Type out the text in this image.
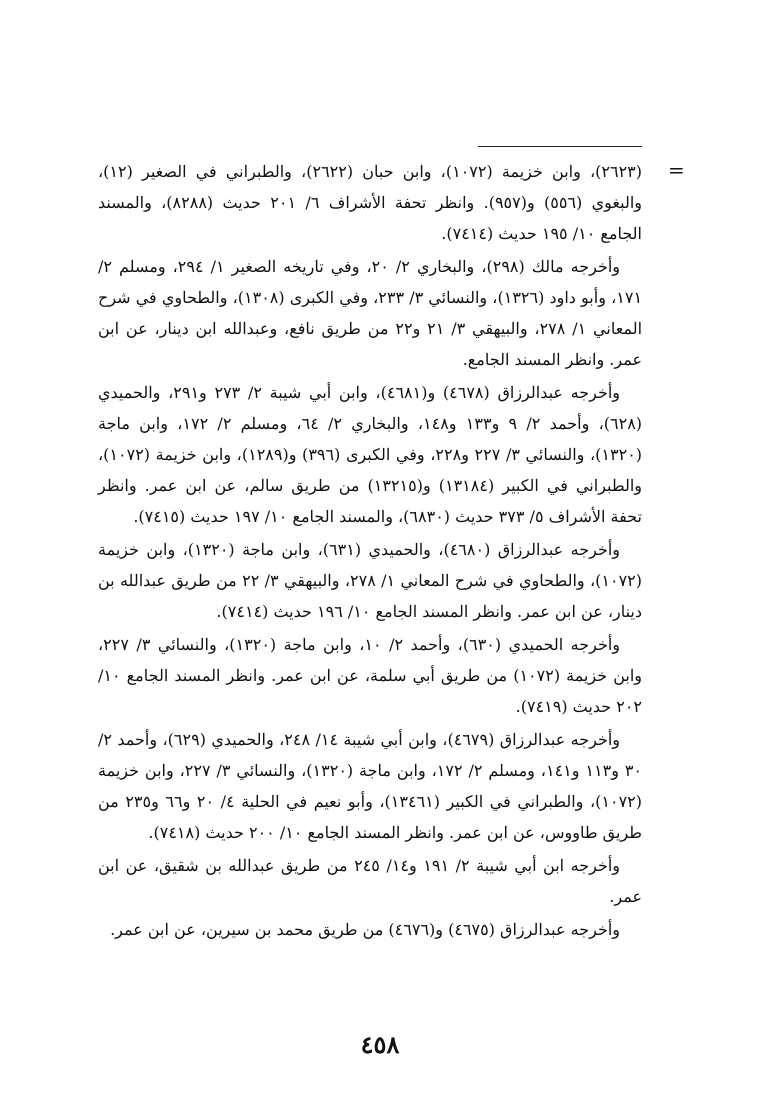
=

(٢٦٢٣)، وابن خزيمة (١٠٧٢)، وابن حبان (٢٦٢٢)، والطبراني في الصغير (١٢)، والبغوي (٥٥٦) و(٩٥٧). وانظر تحفة الأشراف ٦/ ٢٠١ حديث (٨٢٨٨)، والمسند الجامع ١٠/ ١٩٥ حديث (٧٤١٤).

وأخرجه مالك (٢٩٨)، والبخاري ٢/ ٢٠، وفي تاريخه الصغير ١/ ٢٩٤، ومسلم ٢/ ١٧١، وأبو داود (١٣٢٦)، والنسائي ٣/ ٢٣٣، وفي الكبرى (١٣٠٨)، والطحاوي في شرح المعاني ١/ ٢٧٨، والبيهقي ٣/ ٢١ و٢٢ من طريق نافع، وعبدالله ابن دينار، عن ابن عمر. وانظر المسند الجامع.

وأخرجه عبدالرزاق (٤٦٧٨) و(٤٦٨١)، وابن أبي شيبة ٢/ ٢٧٣ و٢٩١، والحميدي (٦٢٨)، وأحمد ٢/ ٩ و١٣٣ و١٤٨، والبخاري ٢/ ٦٤، ومسلم ٢/ ١٧٢، وابن ماجة (١٣٢٠)، والنسائي ٣/ ٢٢٧ و٢٢٨، وفي الكبرى (٣٩٦) و(١٢٨٩)، وابن خزيمة (١٠٧٢)، والطبراني في الكبير (١٣١٨٤) و(١٣٢١٥) من طريق سالم، عن ابن عمر. وانظر تحفة الأشراف ٥/ ٣٧٣ حديث (٦٨٣٠)، والمسند الجامع ١٠/ ١٩٧ حديث (٧٤١٥).

وأخرجه عبدالرزاق (٤٦٨٠)، والحميدي (٦٣١)، وابن ماجة (١٣٢٠)، وابن خزيمة (١٠٧٢)، والطحاوي في شرح المعاني ١/ ٢٧٨، والبيهقي ٣/ ٢٢ من طريق عبدالله بن دينار، عن ابن عمر. وانظر المسند الجامع ١٠/ ١٩٦ حديث (٧٤١٤).

وأخرجه الحميدي (٦٣٠)، وأحمد ٢/ ١٠، وابن ماجة (١٣٢٠)، والنسائي ٣/ ٢٢٧، وابن خزيمة (١٠٧٢) من طريق أبي سلمة، عن ابن عمر. وانظر المسند الجامع ١٠/ ٢٠٢ حديث (٧٤١٩).

وأخرجه عبدالرزاق (٤٦٧٩)، وابن أبي شيبة ١٤/ ٢٤٨، والحميدي (٦٢٩)، وأحمد ٢/ ٣٠ و١١٣ و١٤١، ومسلم ٢/ ١٧٢، وابن ماجة (١٣٢٠)، والنسائي ٣/ ٢٢٧، وابن خزيمة (١٠٧٢)، والطبراني في الكبير (١٣٤٦١)، وأبو نعيم في الحلية ٤/ ٢٠ و٦٦ و٢٣٥ من طريق طاووس، عن ابن عمر. وانظر المسند الجامع ١٠/ ٢٠٠ حديث (٧٤١٨).

وأخرجه ابن أبي شيبة ٢/ ١٩١ و١٤/ ٢٤٥ من طريق عبدالله بن شقيق، عن ابن عمر.

وأخرجه عبدالرزاق (٤٦٧٥) و(٤٦٧٦) من طريق محمد بن سيرين، عن ابن عمر.

٤٥٨
